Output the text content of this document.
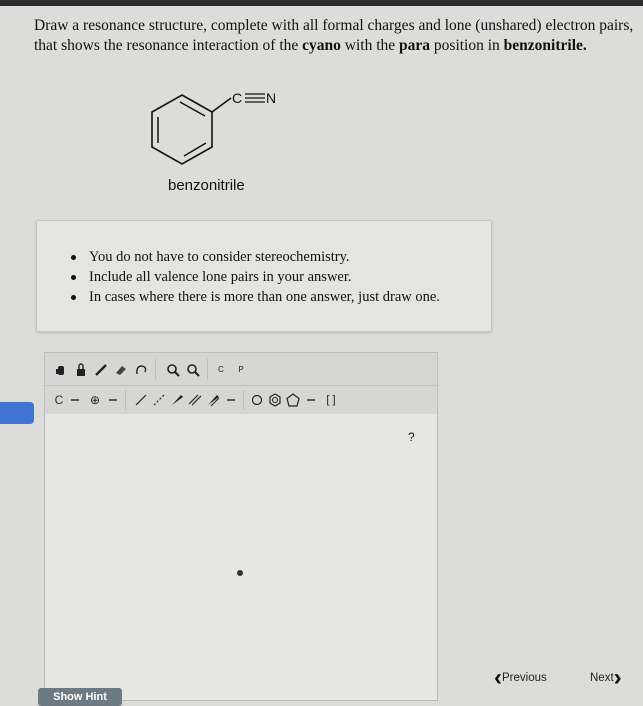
Draw a resonance structure, complete with all formal charges and lone (unshared) electron pairs, that shows the resonance interaction of the cyano with the para position in benzonitrile.
C N
benzonitrile
You do not have to consider stereochemistry.
Include all valence lone pairs in your answer.
In cases where there is more than one answer, just draw one.
C P
C	⊕	[ ]
?
‹ Previous	Next ›
Show Hint
